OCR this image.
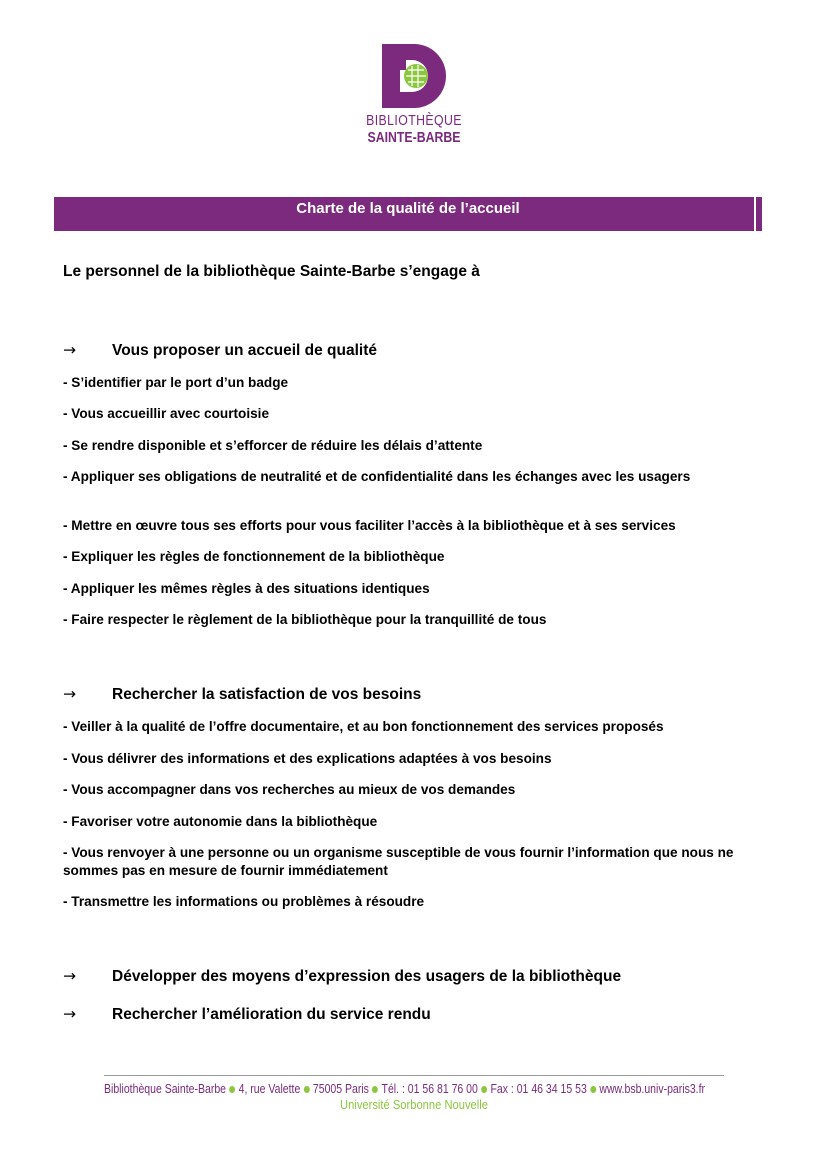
BIBLIOTHÈQUE
SAINTE-BARBE
Charte de la qualité de l’accueil
Le personnel de la bibliothèque Sainte-Barbe s’engage à
→ Vous proposer un accueil de qualité
- S’identifier par le port d’un badge
- Vous accueillir avec courtoisie
- Se rendre disponible et s’efforcer de réduire les délais d’attente
- Appliquer ses obligations de neutralité et de confidentialité dans les échanges avec les usagers
- Mettre en œuvre tous ses efforts pour vous faciliter l’accès à la bibliothèque et à ses services
- Expliquer les règles de fonctionnement de la bibliothèque
- Appliquer les mêmes règles à des situations identiques
- Faire respecter le règlement de la bibliothèque pour la tranquillité de tous
→ Rechercher la satisfaction de vos besoins
- Veiller à la qualité de l’offre documentaire, et au bon fonctionnement des services proposés
- Vous délivrer des informations et des explications adaptées à vos besoins
- Vous accompagner dans vos recherches au mieux de vos demandes
- Favoriser votre autonomie dans la bibliothèque
- Vous renvoyer à une personne ou un organisme susceptible de vous fournir l’information que nous ne sommes pas en mesure de fournir immédiatement
- Transmettre les informations ou problèmes à résoudre
→ Développer des moyens d’expression des usagers de la bibliothèque
→ Rechercher l’amélioration du service rendu
Bibliothèque Sainte-Barbe 4, rue Valette 75005 Paris Tél. : 01 56 81 76 00 Fax : 01 46 34 15 53 www.bsb.univ-paris3.fr
Université Sorbonne Nouvelle
